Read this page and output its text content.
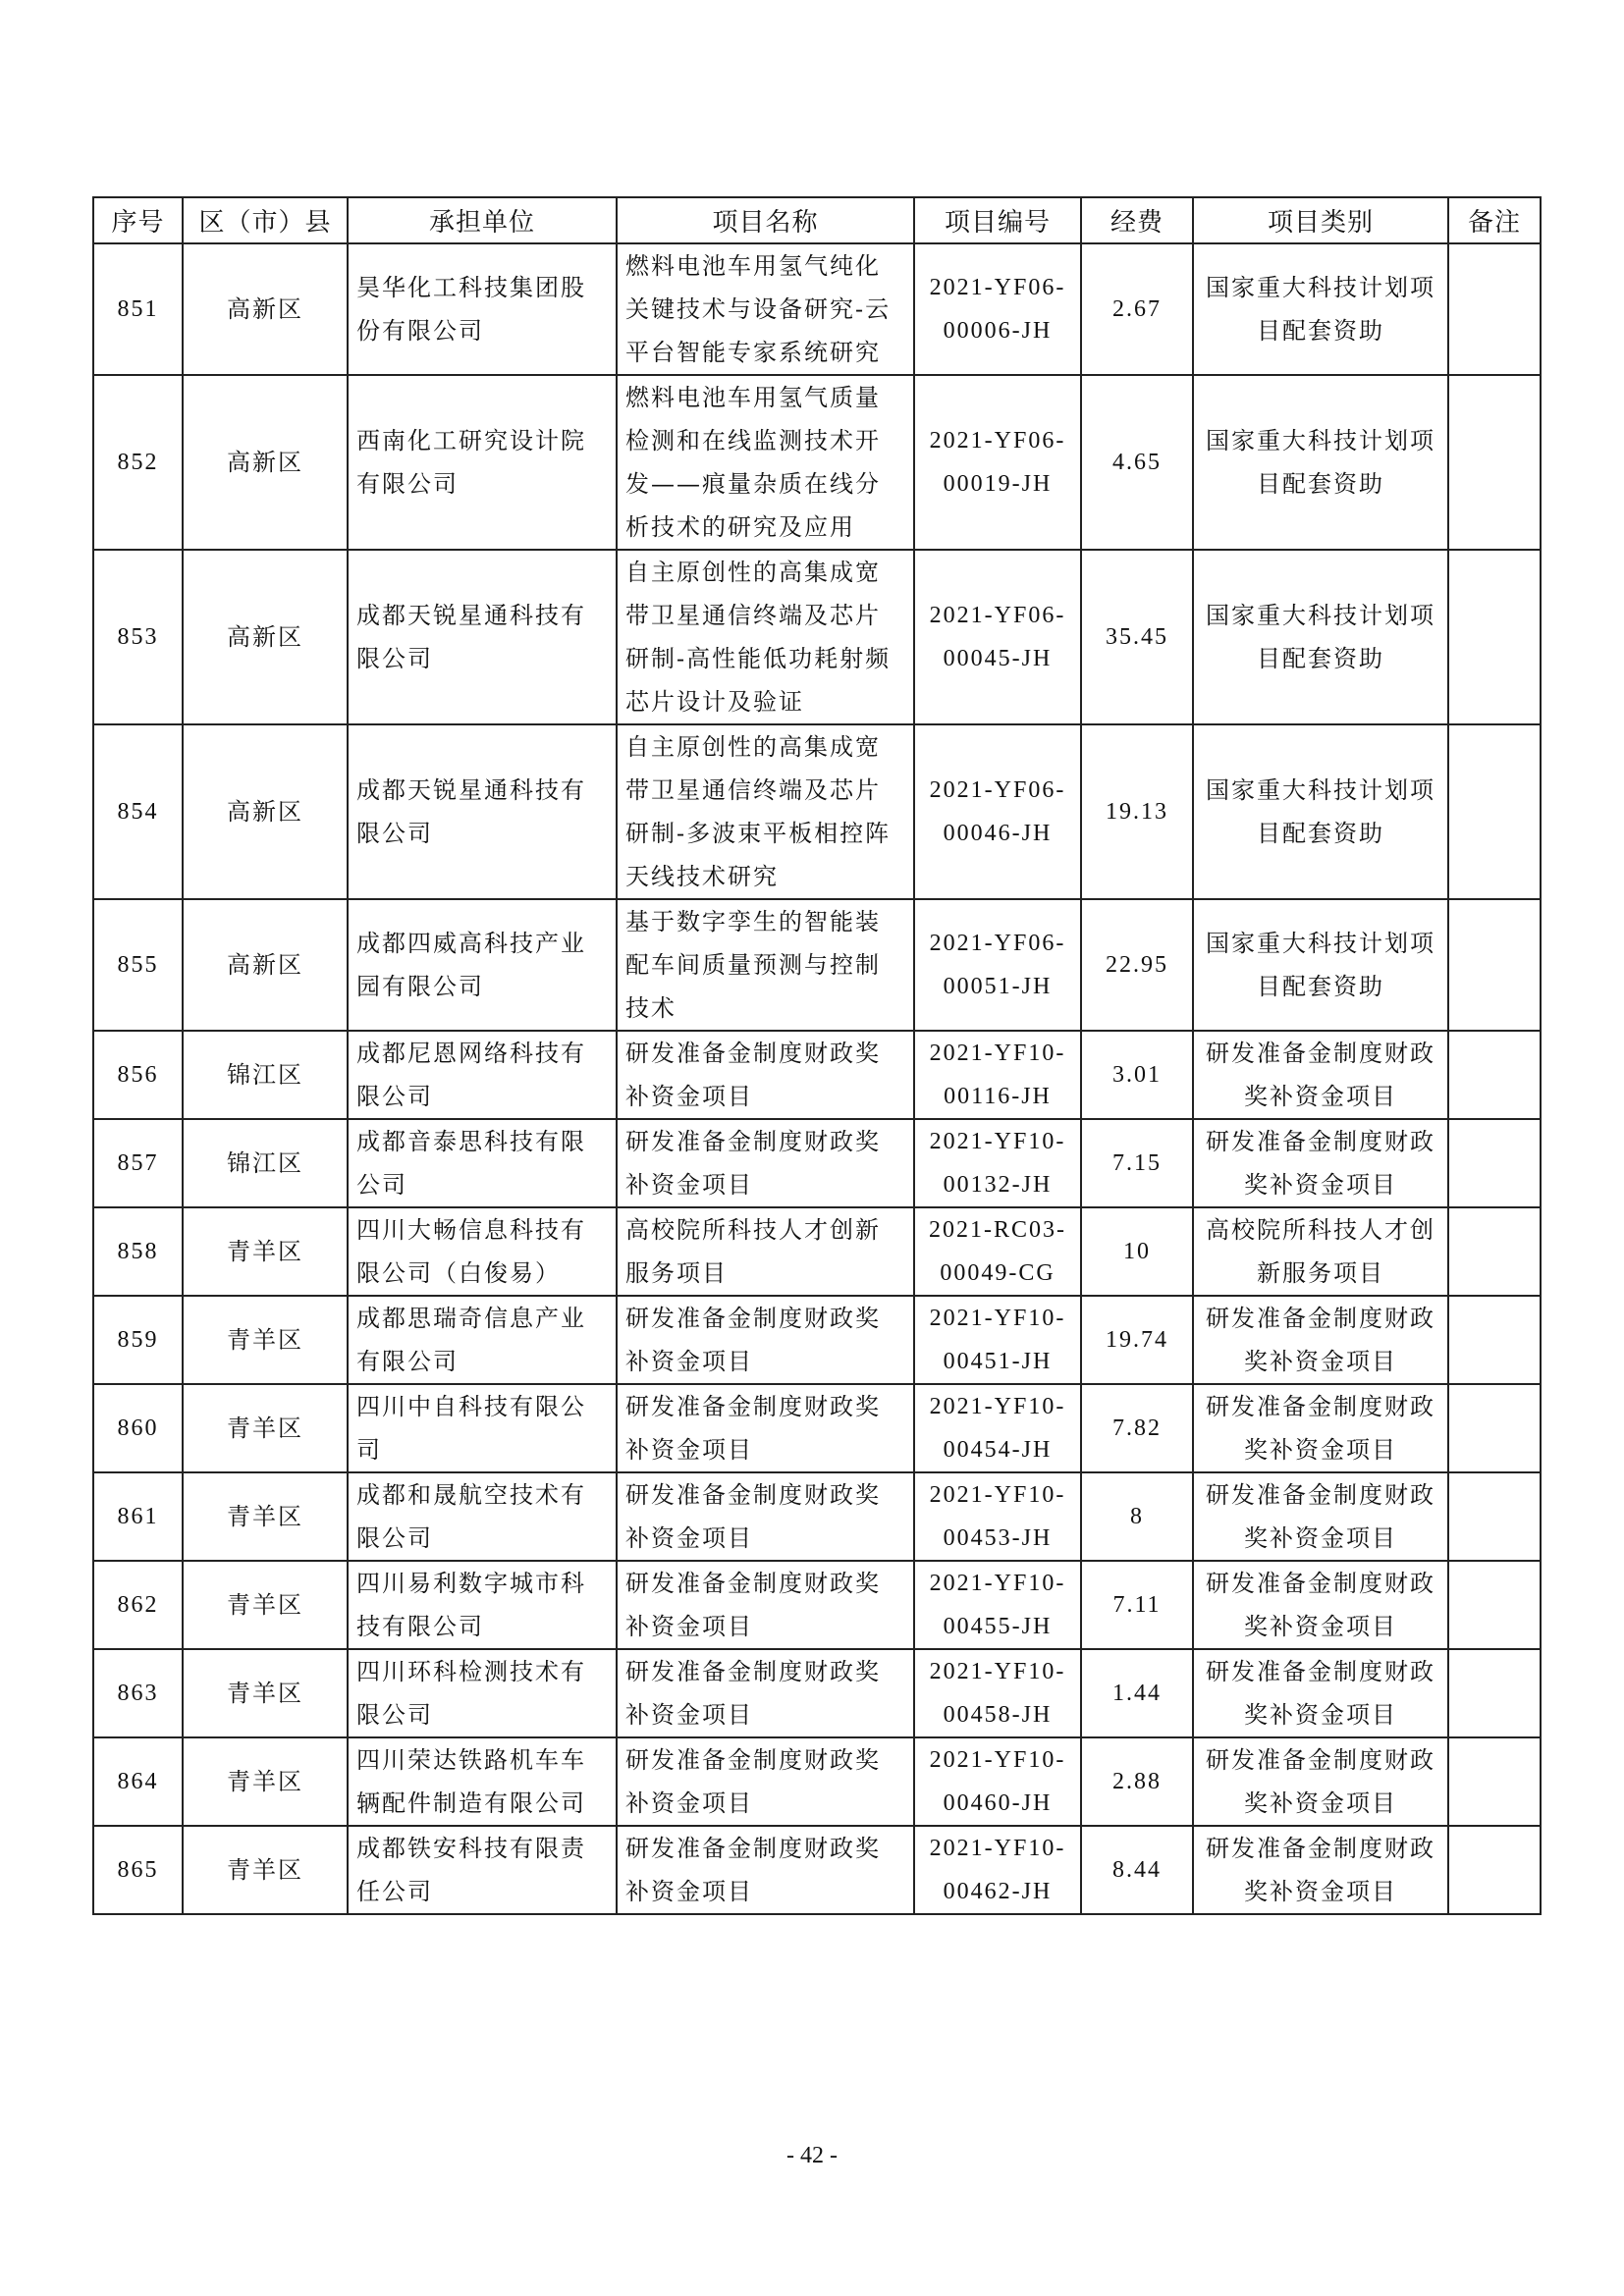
序号	区（市）县	承担单位	项目名称	项目编号	经费	项目类别	备注
851	高新区	昊华化工科技集团股份有限公司	燃料电池车用氢气纯化关键技术与设备研究-云平台智能专家系统研究	2021-YF06-
00006-JH	2.67	国家重大科技计划项目配套资助	
852	高新区	西南化工研究设计院有限公司	燃料电池车用氢气质量检测和在线监测技术开发——痕量杂质在线分析技术的研究及应用	2021-YF06-
00019-JH	4.65	国家重大科技计划项目配套资助	
853	高新区	成都天锐星通科技有限公司	自主原创性的高集成宽带卫星通信终端及芯片研制-高性能低功耗射频芯片设计及验证	2021-YF06-
00045-JH	35.45	国家重大科技计划项目配套资助	
854	高新区	成都天锐星通科技有限公司	自主原创性的高集成宽带卫星通信终端及芯片研制-多波束平板相控阵天线技术研究	2021-YF06-
00046-JH	19.13	国家重大科技计划项目配套资助	
855	高新区	成都四威高科技产业园有限公司	基于数字孪生的智能装配车间质量预测与控制技术	2021-YF06-
00051-JH	22.95	国家重大科技计划项目配套资助	
856	锦江区	成都尼恩网络科技有限公司	研发准备金制度财政奖补资金项目	2021-YF10-
00116-JH	3.01	研发准备金制度财政奖补资金项目	
857	锦江区	成都音泰思科技有限公司	研发准备金制度财政奖补资金项目	2021-YF10-
00132-JH	7.15	研发准备金制度财政奖补资金项目	
858	青羊区	四川大畅信息科技有限公司（白俊易）	高校院所科技人才创新服务项目	2021-RC03-
00049-CG	10	高校院所科技人才创新服务项目	
859	青羊区	成都思瑞奇信息产业有限公司	研发准备金制度财政奖补资金项目	2021-YF10-
00451-JH	19.74	研发准备金制度财政奖补资金项目	
860	青羊区	四川中自科技有限公司	研发准备金制度财政奖补资金项目	2021-YF10-
00454-JH	7.82	研发准备金制度财政奖补资金项目	
861	青羊区	成都和晟航空技术有限公司	研发准备金制度财政奖补资金项目	2021-YF10-
00453-JH	8	研发准备金制度财政奖补资金项目	
862	青羊区	四川易利数字城市科技有限公司	研发准备金制度财政奖补资金项目	2021-YF10-
00455-JH	7.11	研发准备金制度财政奖补资金项目	
863	青羊区	四川环科检测技术有限公司	研发准备金制度财政奖补资金项目	2021-YF10-
00458-JH	1.44	研发准备金制度财政奖补资金项目	
864	青羊区	四川荣达铁路机车车辆配件制造有限公司	研发准备金制度财政奖补资金项目	2021-YF10-
00460-JH	2.88	研发准备金制度财政奖补资金项目	
865	青羊区	成都铁安科技有限责任公司	研发准备金制度财政奖补资金项目	2021-YF10-
00462-JH	8.44	研发准备金制度财政奖补资金项目	
- 42 -
